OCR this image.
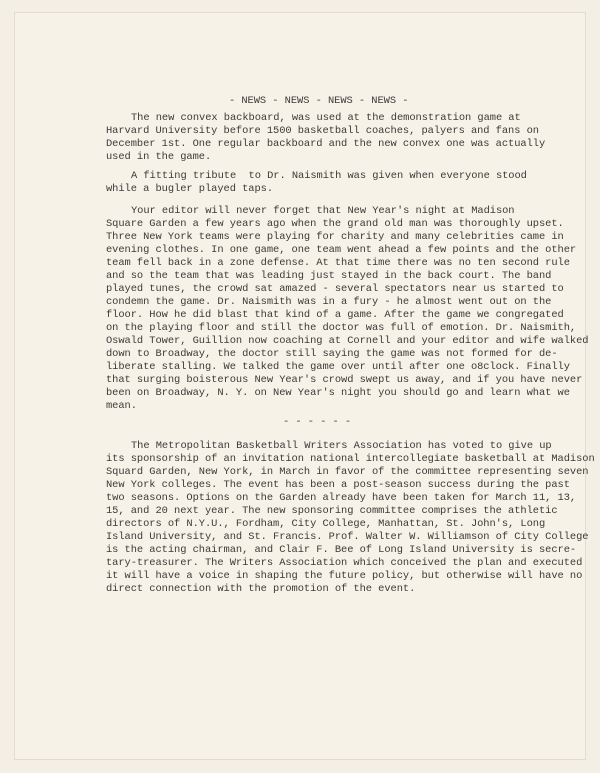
- NEWS - NEWS - NEWS - NEWS -
The new convex backboard, was used at the demonstration game at
Harvard University before 1500 basketball coaches, palyers and fans on
December 1st. One regular backboard and the new convex one was actually
used in the game.
A fitting tribute  to Dr. Naismith was given when everyone stood
while a bugler played taps.
Your editor will never forget that New Year's night at Madison
Square Garden a few years ago when the grand old man was thoroughly upset.
Three New York teams were playing for charity and many celebrities came in
evening clothes. In one game, one team went ahead a few points and the other
team fell back in a zone defense. At that time there was no ten second rule
and so the team that was leading just stayed in the back court. The band
played tunes, the crowd sat amazed - several spectators near us started to
condemn the game. Dr. Naismith was in a fury - he almost went out on the
floor. How he did blast that kind of a game. After the game we congregated
on the playing floor and still the doctor was full of emotion. Dr. Naismith,
Oswald Tower, Guillion now coaching at Cornell and your editor and wife walked
down to Broadway, the doctor still saying the game was not formed for de-
liberate stalling. We talked the game over until after one o8clock. Finally
that surging boisterous New Year's crowd swept us away, and if you have never
been on Broadway, N. Y. on New Year's night you should go and learn what we
mean.
- - - - - -
The Metropolitan Basketball Writers Association has voted to give up
its sponsorship of an invitation national intercollegiate basketball at Madison
Squard Garden, New York, in March in favor of the committee representing seven
New York colleges. The event has been a post-season success during the past
two seasons. Options on the Garden already have been taken for March 11, 13,
15, and 20 next year. The new sponsoring committee comprises the athletic
directors of N.Y.U., Fordham, City College, Manhattan, St. John's, Long
Island University, and St. Francis. Prof. Walter W. Williamson of City College
is the acting chairman, and Clair F. Bee of Long Island University is secre-
tary-treasurer. The Writers Association which conceived the plan and executed
it will have a voice in shaping the future policy, but otherwise will have no
direct connection with the promotion of the event.
